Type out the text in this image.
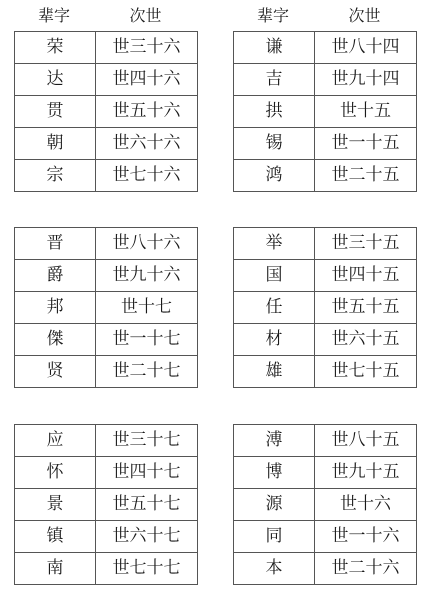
辈字	次世	辈字	次世
荣	世三十六
达	世四十六
贯	世五十六
朝	世六十六
宗	世七十六
谦	世八十四
吉	世九十四
拱	世十五
锡	世一十五
鸿	世二十五
晋	世八十六
爵	世九十六
邦	世十七
傑	世一十七
贤	世二十七
举	世三十五
国	世四十五
任	世五十五
材	世六十五
雄	世七十五
应	世三十七
怀	世四十七
景	世五十七
镇	世六十七
南	世七十七
溥	世八十五
博	世九十五
源	世十六
同	世一十六
本	世二十六
